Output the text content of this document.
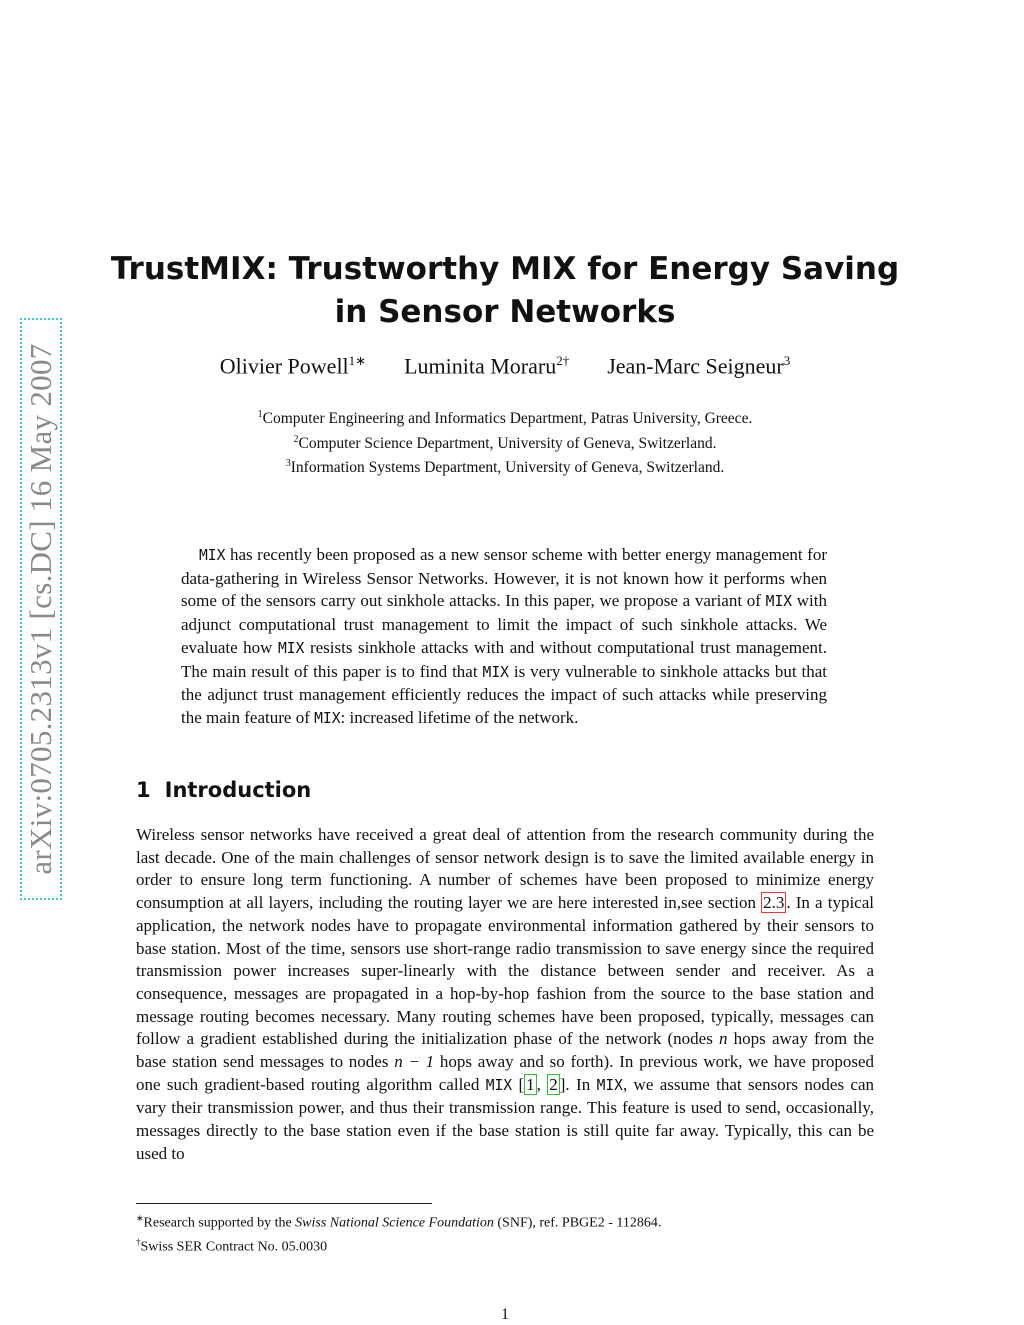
arXiv:0705.2313v1 [cs.DC] 16 May 2007
TrustMIX: Trustworthy MIX for Energy Saving
in Sensor Networks
Olivier Powell$^{1∗}$ Luminita Moraru$^{2\dagger}$ Jean-Marc Seigneur$^3$
$^1$Computer Engineering and Informatics Department, Patras University, Greece.
$^2$Computer Science Department, University of Geneva, Switzerland.
$^3$Information Systems Department, University of Geneva, Switzerland.
MIX has recently been proposed as a new sensor scheme with better energy management for data-gathering in Wireless Sensor Networks. However, it is not known how it performs when some of the sensors carry out sinkhole attacks. In this paper, we propose a variant of MIX with adjunct computational trust management to limit the impact of such sinkhole attacks. We evaluate how MIX resists sinkhole attacks with and without computational trust management. The main result of this paper is to find that MIX is very vulnerable to sinkhole attacks but that the adjunct trust management efficiently reduces the impact of such attacks while preserving the main feature of MIX: increased lifetime of the network.
1 Introduction
Wireless sensor networks have received a great deal of attention from the research community during the last decade. One of the main challenges of sensor network design is to save the limited available energy in order to ensure long term functioning. A number of schemes have been proposed to minimize energy consumption at all layers, including the routing layer we are here interested in,see section 2.3 . In a typical application, the network nodes have to propagate environmental information gathered by their sensors to base station. Most of the time, sensors use short-range radio transmission to save energy since the required transmission power increases super-linearly with the distance between sender and receiver. As a consequence, messages are propagated in a hop-by-hop fashion from the source to the base station and message routing becomes necessary. Many routing schemes have been proposed, typically, messages can follow a gradient established during the initialization phase of the network (nodes n hops away from the base station send messages to nodes n − 1 hops away and so forth). In previous work, we have proposed one such gradient-based routing algorithm called MIX [ 1 , 2 ]. In MIX, we assume that sensors nodes can vary their transmission power, and thus their transmission range. This feature is used to send, occasionally, messages directly to the base station even if the base station is still quite far away. Typically, this can be used to
∗Research supported by the Swiss National Science Foundation (SNF), ref. PBGE2 - 112864.
†Swiss SER Contract No. 05.0030
1
